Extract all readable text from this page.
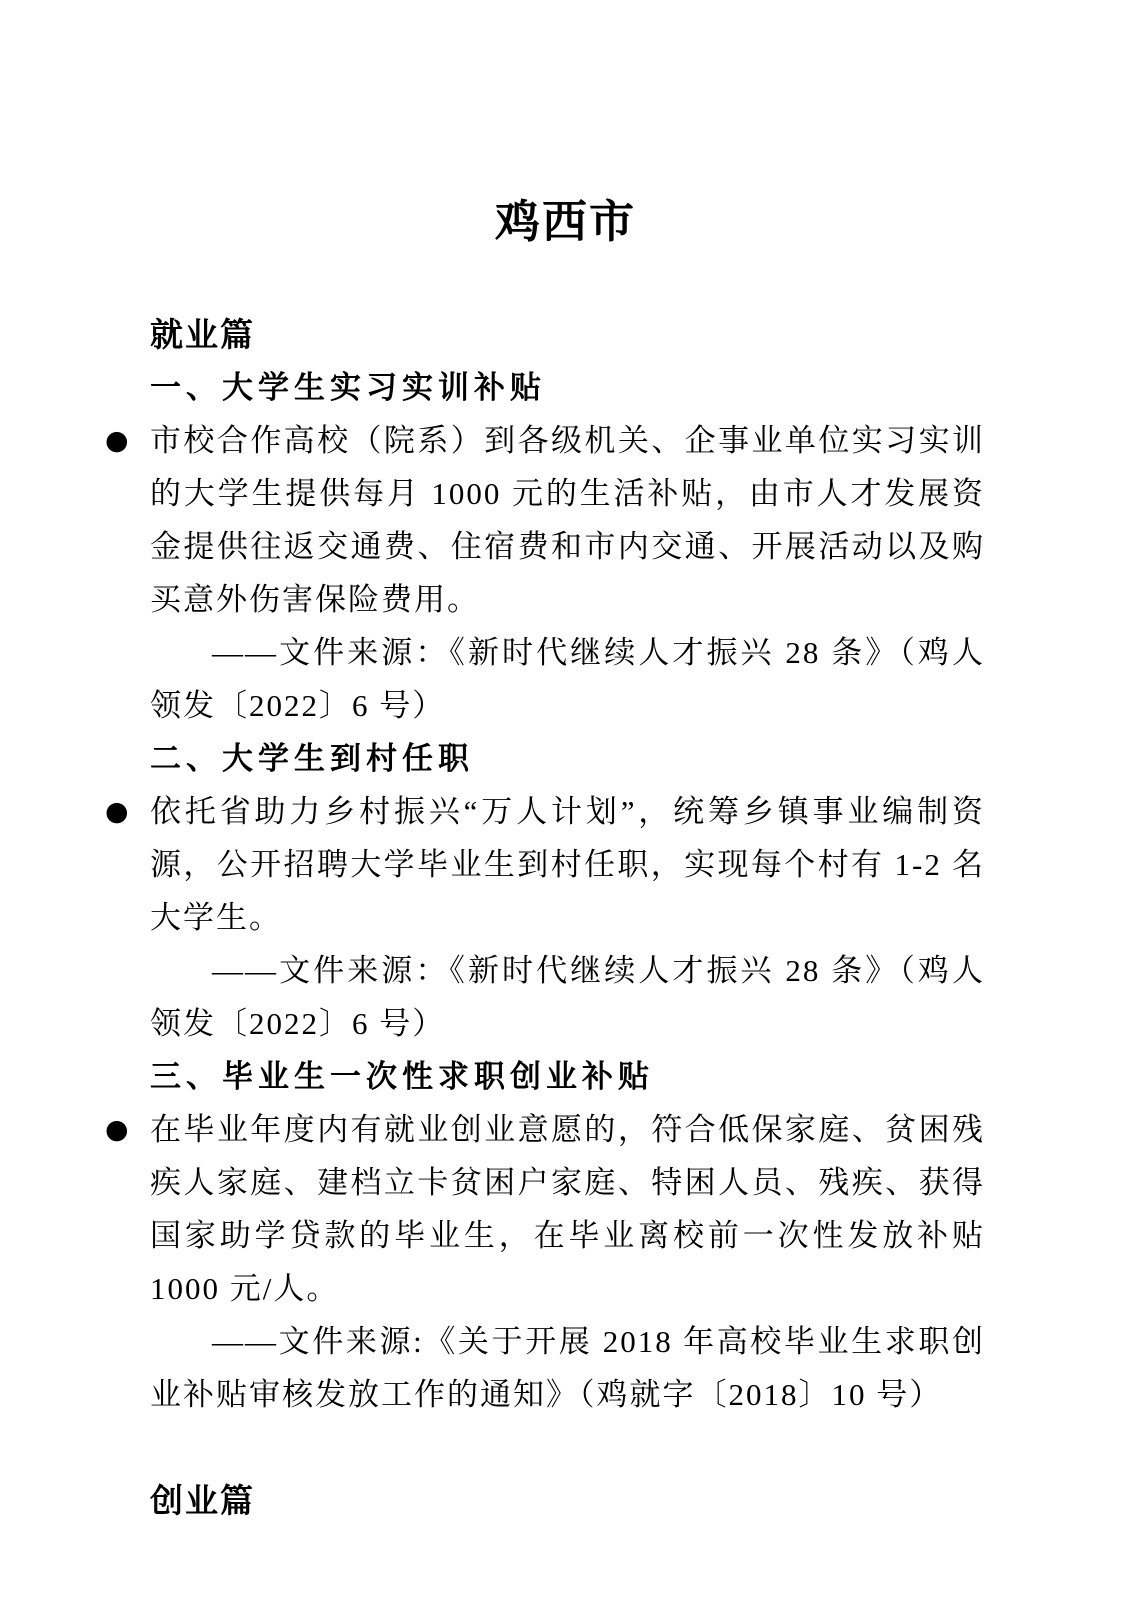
鸡西市
就业篇
一、大学生实习实训补贴
● 市校合作高校（院系）到各级机关、企事业单位实习实训的大学生提供每月 1000 元的生活补贴，由市人才发展资金提供往返交通费、住宿费和市内交通、开展活动以及购买意外伤害保险费用。
——文件来源：《新时代继续人才振兴 28 条》（鸡人领发〔2022〕6 号）
二、大学生到村任职
● 依托省助力乡村振兴“万人计划”，统筹乡镇事业编制资源，公开招聘大学毕业生到村任职，实现每个村有 1-2 名大学生。
——文件来源：《新时代继续人才振兴 28 条》（鸡人领发〔2022〕6 号）
三、毕业生一次性求职创业补贴
● 在毕业年度内有就业创业意愿的，符合低保家庭、贫困残疾人家庭、建档立卡贫困户家庭、特困人员、残疾、获得国家助学贷款的毕业生，在毕业离校前一次性发放补贴 1000 元/人。
——文件来源:《关于开展 2018 年高校毕业生求职创业补贴审核发放工作的通知》（鸡就字〔2018〕10 号）
创业篇
